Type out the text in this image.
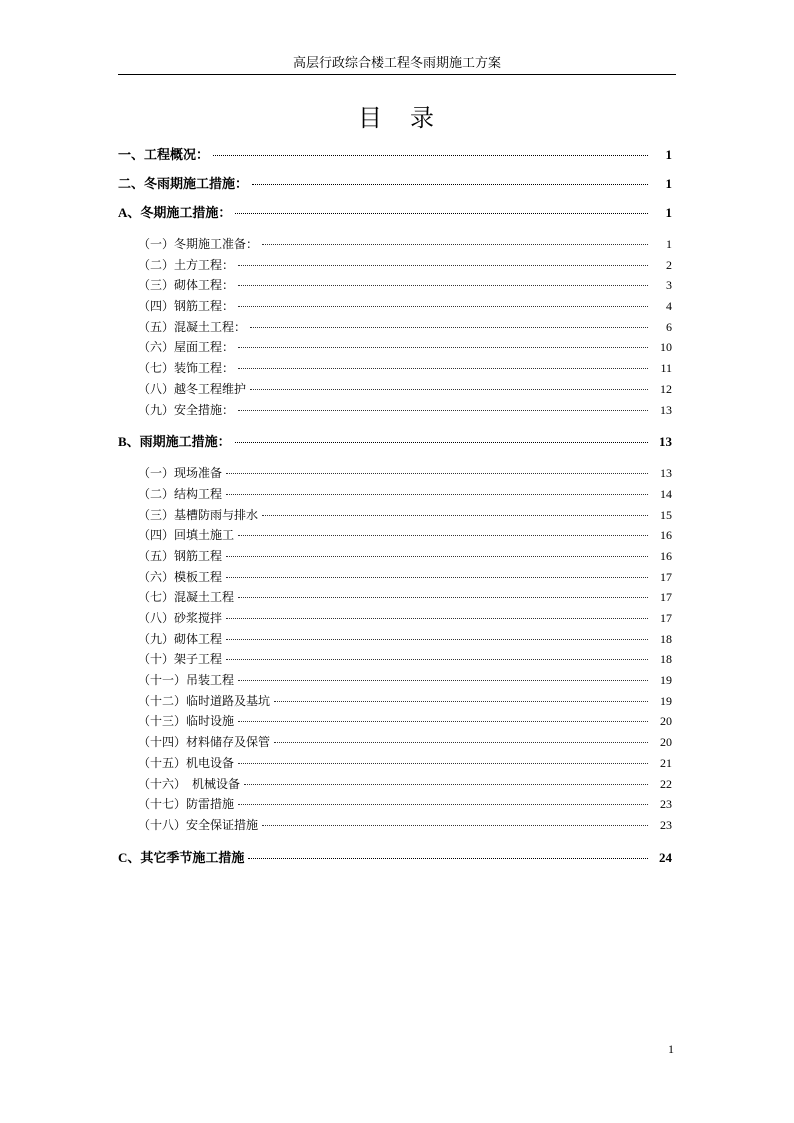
高层行政综合楼工程冬雨期施工方案
目　录
一、工程概况：	1
二、冬雨期施工措施：	1
A、冬期施工措施：	1
（一）冬期施工准备：	1
（二）土方工程：	2
（三）砌体工程：	3
（四）钢筋工程：	4
（五）混凝土工程：	6
（六）屋面工程：	10
（七）装饰工程：	11
（八）越冬工程维护	12
（九）安全措施：	13
B、雨期施工措施：	13
（一）现场准备	13
（二）结构工程	14
（三）基槽防雨与排水	15
（四）回填土施工	16
（五）钢筋工程	16
（六）模板工程	17
（七）混凝土工程	17
（八）砂浆搅拌	17
（九）砌体工程	18
（十）架子工程	18
（十一）吊装工程	19
（十二）临时道路及基坑	19
（十三）临时设施	20
（十四）材料储存及保管	20
（十五）机电设备	21
（十六）　机械设备	22
（十七）防雷措施	23
（十八）安全保证措施	23
C、其它季节施工措施	24
1
